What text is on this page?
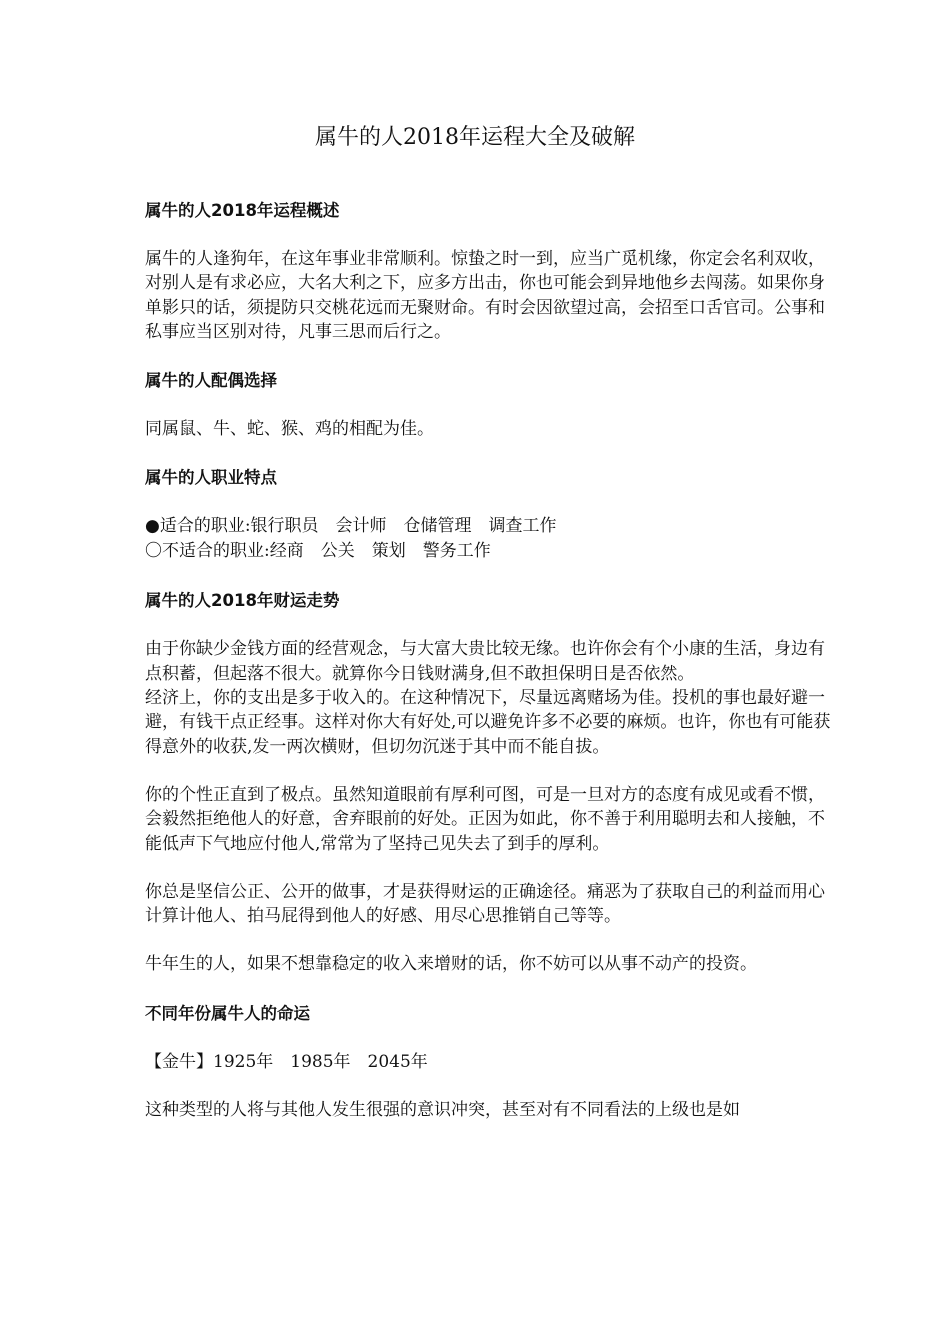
属牛的人2018年运程大全及破解
属牛的人2018年运程概述
属牛的人逢狗年，在这年事业非常顺利。惊蛰之时一到，应当广觅机缘，你定会名利双收，对别人是有求必应，大名大利之下，应多方出击，你也可能会到异地他乡去闯荡。如果你身单影只的话，须提防只交桃花远而无聚财命。有时会因欲望过高，会招至口舌官司。公事和私事应当区别对待，凡事三思而后行之。
属牛的人配偶选择
同属鼠、牛、蛇、猴、鸡的相配为佳。
属牛的人职业特点
●适合的职业:银行职员　会计师　仓储管理　调查工作
〇不适合的职业:经商　公关　策划　警务工作
属牛的人2018年财运走势

由于你缺少金钱方面的经营观念，与大富大贵比较无缘。也许你会有个小康的生活，身边有点积蓄，但起落不很大。就算你今日钱财满身,但不敢担保明日是否依然。

经济上，你的支出是多于收入的。在这种情况下，尽量远离赌场为佳。投机的事也最好避一避，有钱干点正经事。这样对你大有好处,可以避免许多不必要的麻烦。也许，你也有可能获得意外的收获,发一两次横财，但切勿沉迷于其中而不能自拔。

你的个性正直到了极点。虽然知道眼前有厚利可图，可是一旦对方的态度有成见或看不惯，会毅然拒绝他人的好意，舍弃眼前的好处。正因为如此，你不善于利用聪明去和人接触，不能低声下气地应付他人,常常为了坚持己见失去了到手的厚利。
你总是坚信公正、公开的做事，才是获得财运的正确途径。痛恶为了获取自己的利益而用心计算计他人、拍马屁得到他人的好感、用尽心思推销自己等等。
牛年生的人，如果不想靠稳定的收入来增财的话，你不妨可以从事不动产的投资。
不同年份属牛人的命运
【金牛】1925年　1985年　2045年
这种类型的人将与其他人发生很强的意识冲突，甚至对有不同看法的上级也是如
